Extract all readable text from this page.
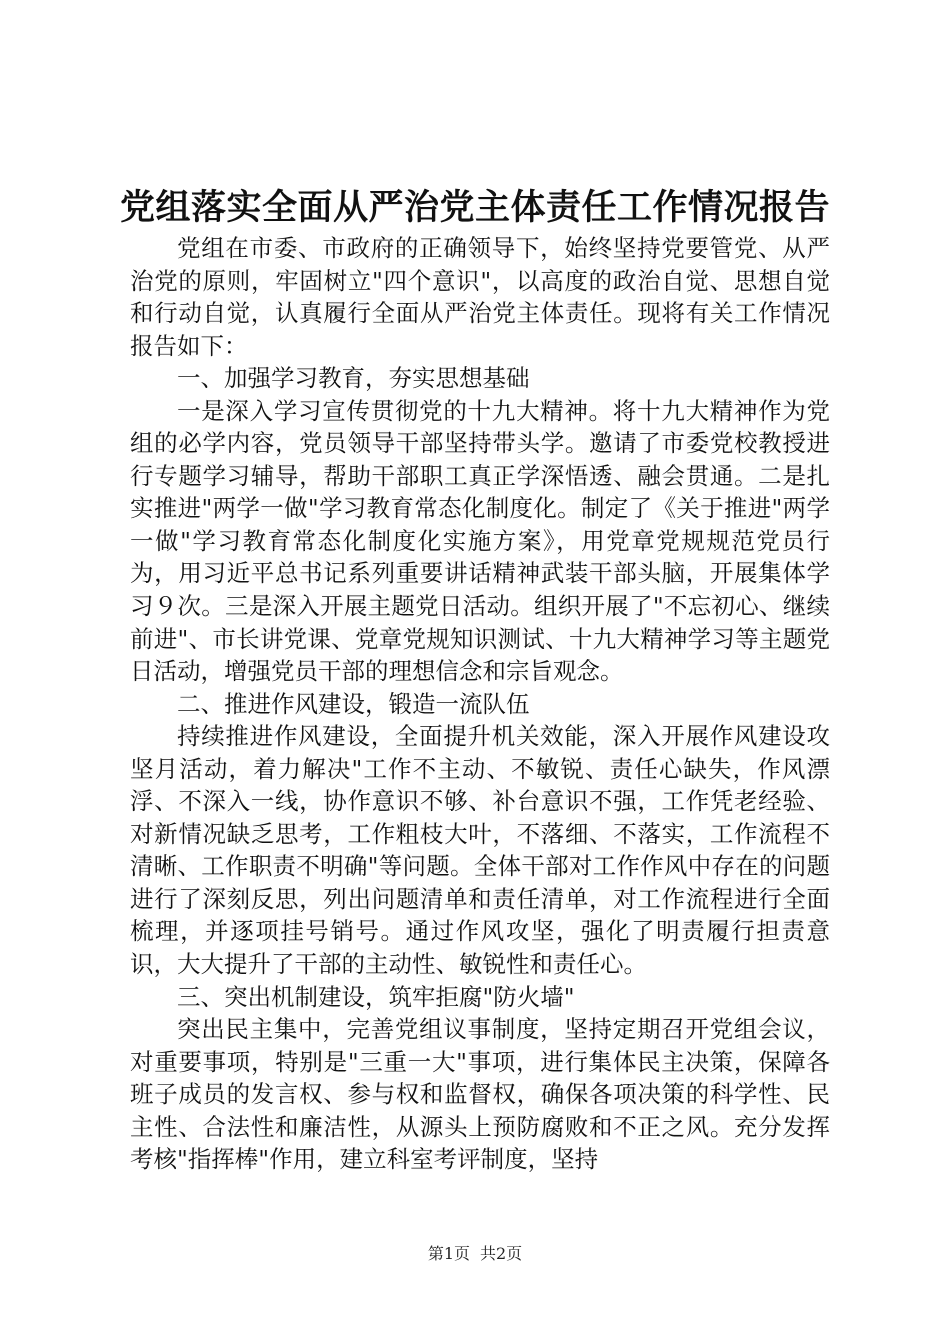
党组落实全面从严治党主体责任工作情况报告

党组在市委、市政府的正确领导下，始终坚持党要管党、从严治党的原则，牢固树立"四个意识"，以高度的政治自觉、思想自觉和行动自觉，认真履行全面从严治党主体责任。现将有关工作情况报告如下：

一、加强学习教育，夯实思想基础

一是深入学习宣传贯彻党的十九大精神。将十九大精神作为党组的必学内容，党员领导干部坚持带头学。邀请了市委党校教授进行专题学习辅导，帮助干部职工真正学深悟透、融会贯通。二是扎实推进"两学一做"学习教育常态化制度化。制定了《关于推进"两学一做"学习教育常态化制度化实施方案》，用党章党规规范党员行为，用习近平总书记系列重要讲话精神武装干部头脑，开展集体学习９次。三是深入开展主题党日活动。组织开展了"不忘初心、继续前进"、市长讲党课、党章党规知识测试、十九大精神学习等主题党日活动，增强党员干部的理想信念和宗旨观念。

二、推进作风建设，锻造一流队伍

持续推进作风建设，全面提升机关效能，深入开展作风建设攻坚月活动，着力解决"工作不主动、不敏锐、责任心缺失，作风漂浮、不深入一线，协作意识不够、补台意识不强，工作凭老经验、对新情况缺乏思考，工作粗枝大叶，不落细、不落实，工作流程不清晰、工作职责不明确"等问题。全体干部对工作作风中存在的问题进行了深刻反思，列出问题清单和责任清单，对工作流程进行全面梳理，并逐项挂号销号。通过作风攻坚，强化了明责履行担责意识，大大提升了干部的主动性、敏锐性和责任心。

三、突出机制建设，筑牢拒腐"防火墙"

突出民主集中，完善党组议事制度，坚持定期召开党组会议，对重要事项，特别是"三重一大"事项，进行集体民主决策，保障各班子成员的发言权、参与权和监督权，确保各项决策的科学性、民主性、合法性和廉洁性，从源头上预防腐败和不正之风。充分发挥考核"指挥棒"作用，建立科室考评制度，坚持

第1页 共2页
